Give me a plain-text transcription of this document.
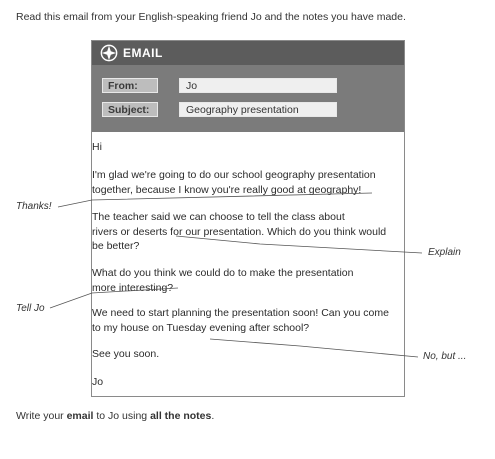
Read this email from your English-speaking friend Jo and the notes you have made.
EMAIL
From:	Jo
Subject:	Geography presentation
Hi
I'm glad we're going to do our school geography presentation
together, because I know you're really good at geography!
The teacher said we can choose to tell the class about
rivers or deserts for our presentation. Which do you think would
be better?
What do you think we could do to make the presentation
more interesting?
We need to start planning the presentation soon! Can you come
to my house on Tuesday evening after school?
See you soon.
Jo
Thanks!
Explain
Tell Jo
No, but ...
Write your email to Jo using all the notes.
